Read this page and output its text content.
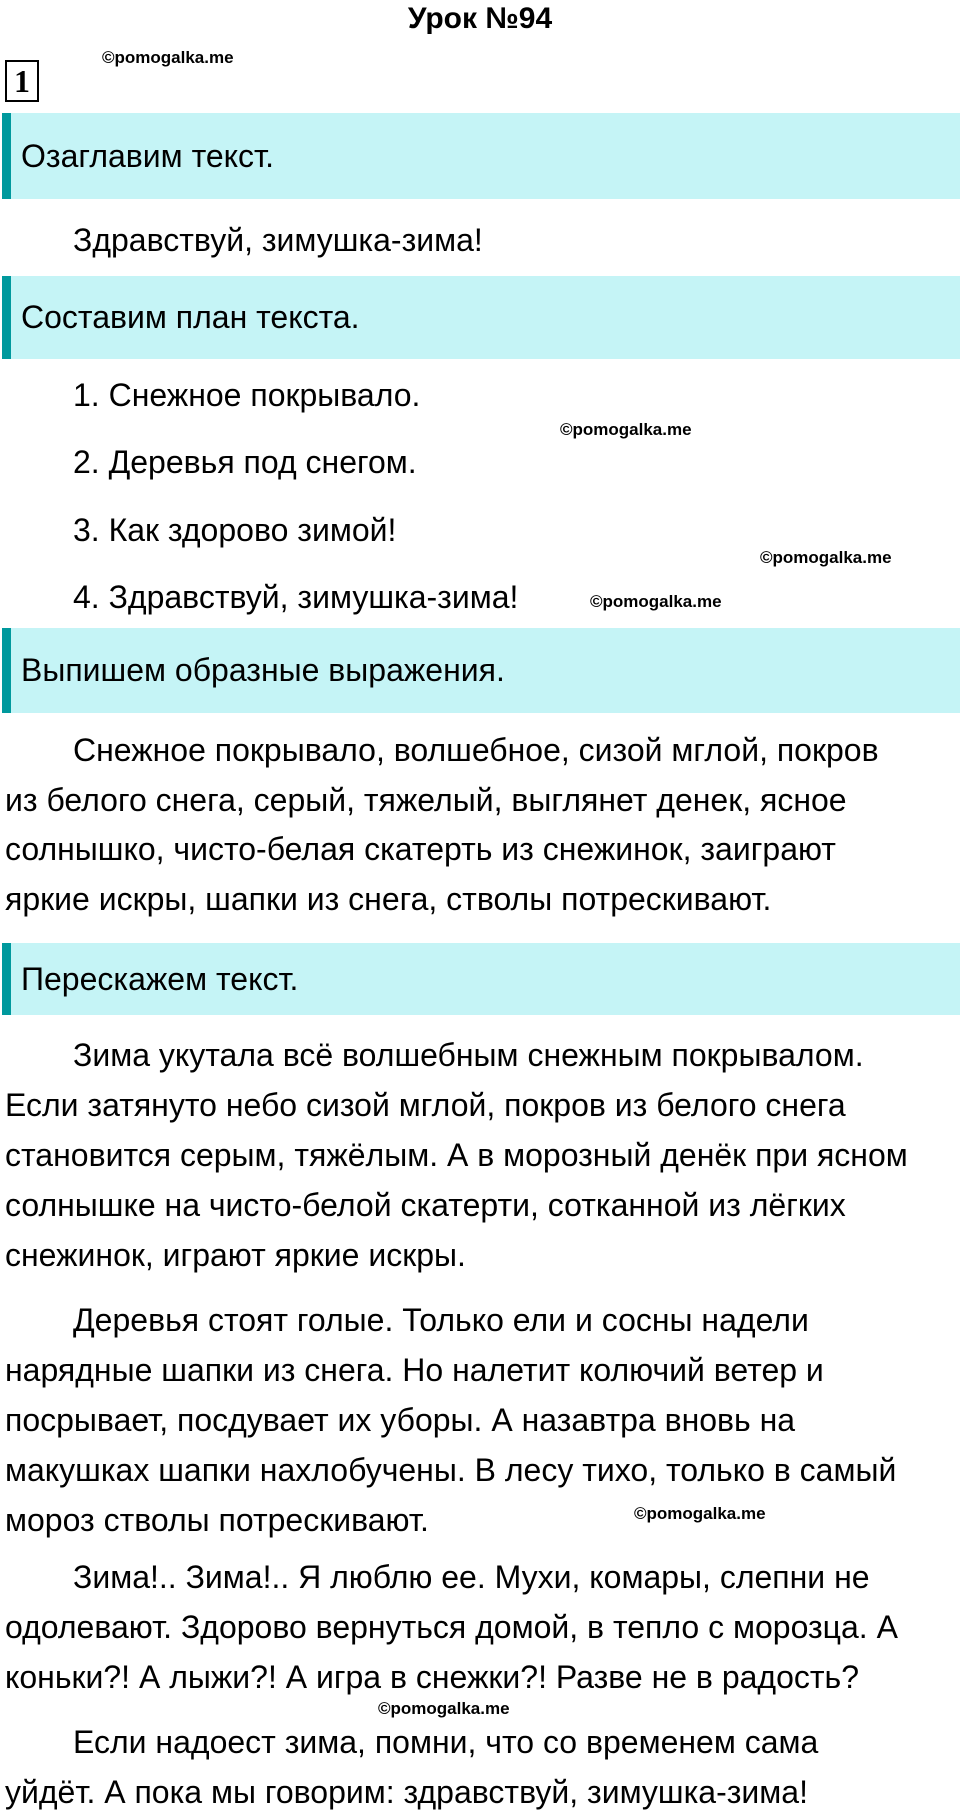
Урок №94
1
©pomogalka.me
©pomogalka.me
©pomogalka.me
©pomogalka.me
©pomogalka.me
©pomogalka.me
Озаглавим текст.
Здравствуй, зимушка-зима!
Составим план текста.
1. Снежное покрывало.
2. Деревья под снегом.
3. Как здорово зимой!
4. Здравствуй, зимушка-зима!
Выпишем образные выражения.
Снежное покрывало, волшебное, сизой мглой, покров
из белого снега, серый, тяжелый, выглянет денек, ясное
солнышко, чисто-белая скатерть из снежинок, заиграют
яркие искры, шапки из снега, стволы потрескивают.
Перескажем текст.
Зима укутала всё волшебным снежным покрывалом.
Если затянуто небо сизой мглой, покров из белого снега
становится серым, тяжёлым. А в морозный денёк при ясном
солнышке на чисто-белой скатерти, сотканной из лёгких
снежинок, играют яркие искры.
Деревья стоят голые. Только ели и сосны надели
нарядные шапки из снега. Но налетит колючий ветер и
посрывает, посдувает их уборы. А назавтра вновь на
макушках шапки нахлобучены. В лесу тихо, только в самый
мороз стволы потрескивают.
Зима!.. Зима!.. Я люблю ее. Мухи, комары, слепни не
одолевают. Здорово вернуться домой, в тепло с морозца. А
коньки?! А лыжи?! А игра в снежки?! Разве не в радость?
Если надоест зима, помни, что со временем сама
уйдёт. А пока мы говорим: здравствуй, зимушка-зима!
